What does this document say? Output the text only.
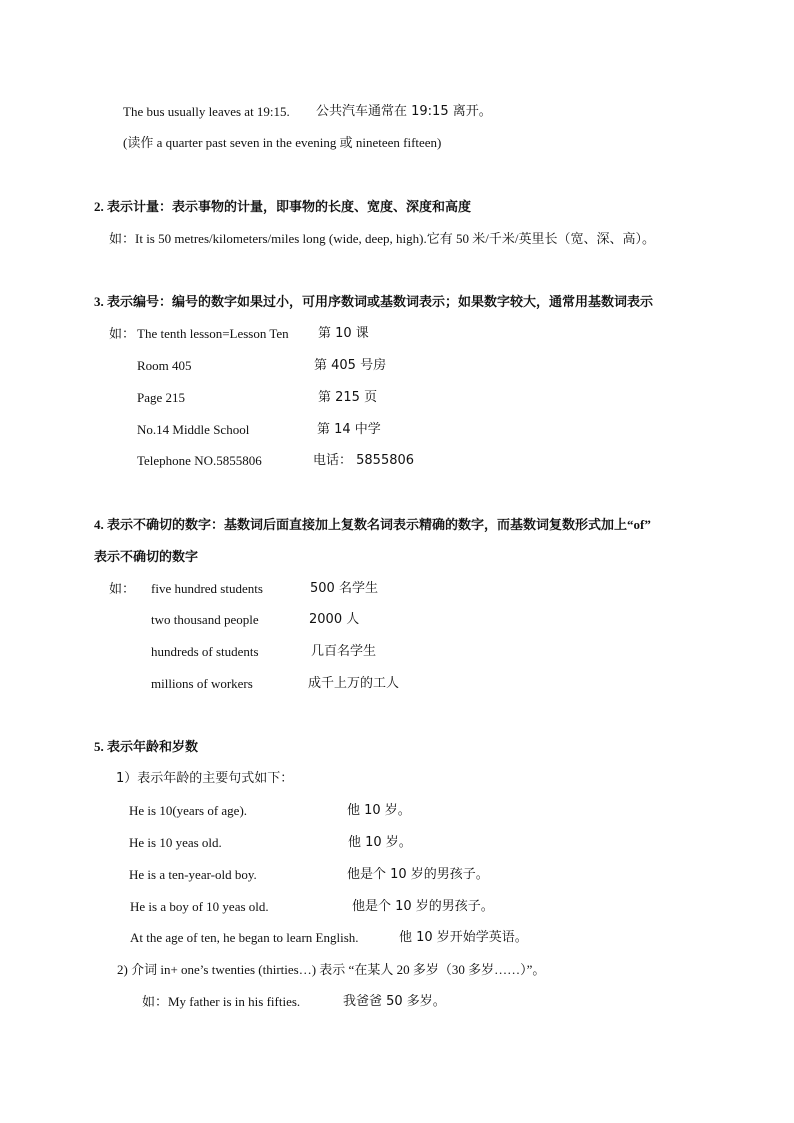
The bus usually leaves at 19:15. 公共汽车通常在 19:15 离开。
(读作 a quarter past seven in the evening 或 nineteen fifteen)
2. 表示计量：表示事物的计量，即事物的长度、宽度、深度和高度
如：It is 50 metres/kilometers/miles long (wide, deep, high).它有 50 米/千米/英里长（宽、深、高）。
3. 表示编号：编号的数字如果过小，可用序数词或基数词表示；如果数字较大，通常用基数词表示
如： The tenth lesson=Lesson Ten 第 10 课
Room 405	第 405 号房
Page 215	第 215 页
No.14 Middle School	第 14 中学
Telephone NO.5855806	电话： 5855806
4. 表示不确切的数字：基数词后面直接加上复数名词表示精确的数字，而基数词复数形式加上“of”
表示不确切的数字
如： five hundred students	500 名学生
two thousand people	2000 人
hundreds of students	几百名学生
millions of workers	成千上万的工人
5. 表示年龄和岁数
1）表示年龄的主要句式如下：
He is 10(years of age).	他 10 岁。
He is 10 yeas old.	他 10 岁。
He is a ten-year-old boy.	他是个 10 岁的男孩子。
He is a boy of 10 yeas old.	他是个 10 岁的男孩子。
At the age of ten, he began to learn English.	他 10 岁开始学英语。
2) 介词 in+ one’s twenties (thirties…) 表示 “在某人 20 多岁（30 多岁……）”。
如：My father is in his fifties.	我爸爸 50 多岁。
